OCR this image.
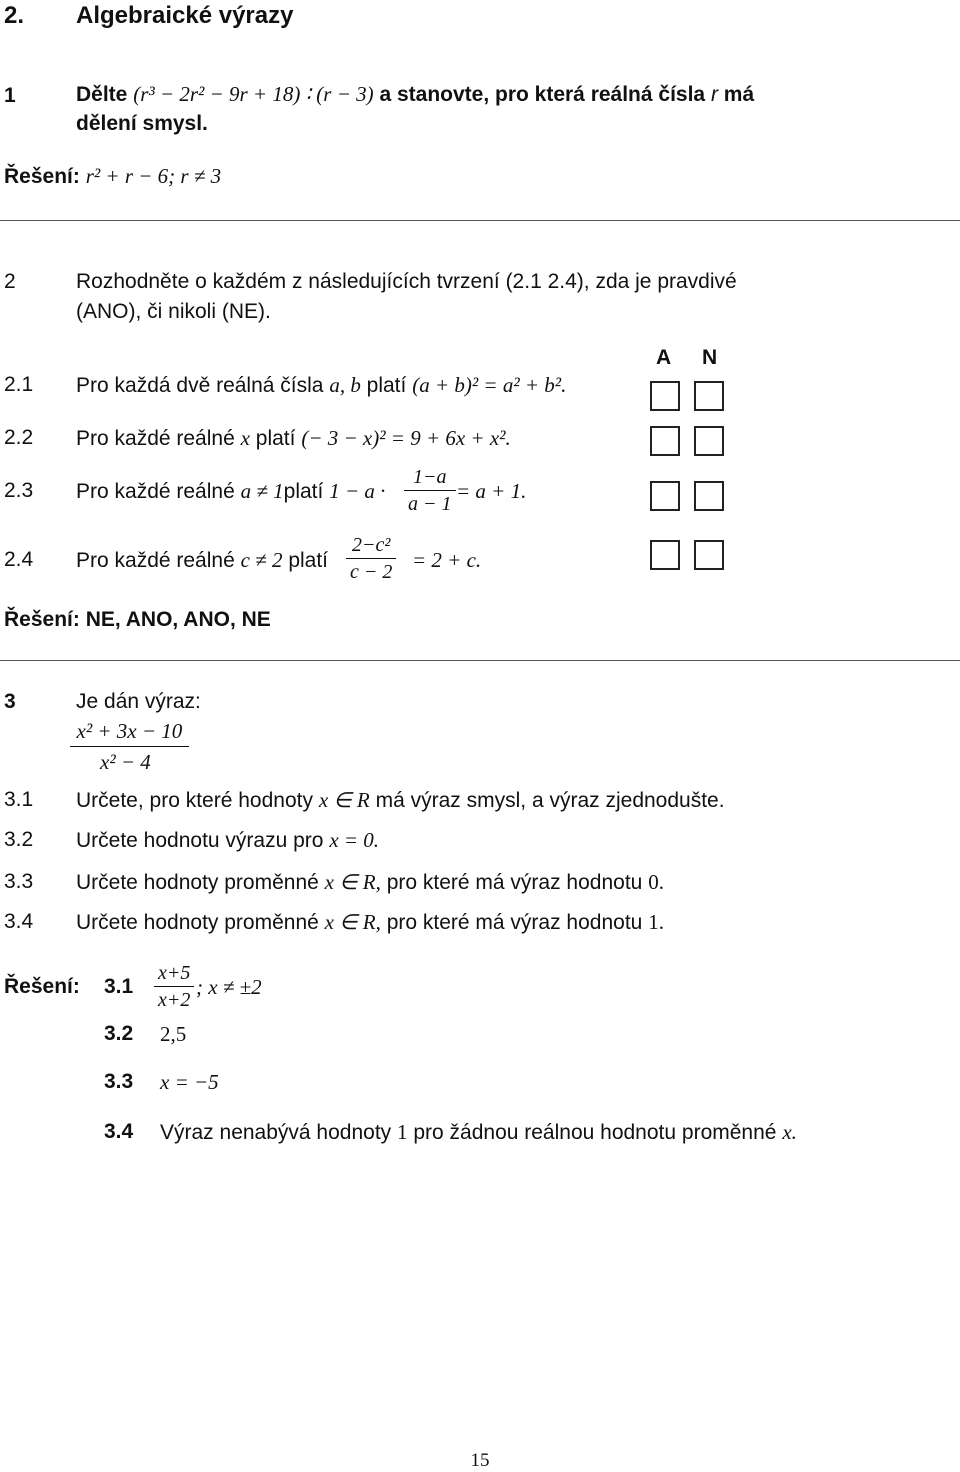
2. Algebraické výrazy
1	Dělte (r³ − 2r² − 9r + 18) ∶ (r − 3) a stanovte, pro která reálná čísla r má
dělení smysl.
Řešení: r² + r − 6; r ≠ 3
2	Rozhodněte o každém z následujících tvrzení (2.1 2.4), zda je pravdivé
(ANO), či nikoli (NE).
A N
2.1 Pro každá dvě reálná čísla a, b platí (a + b)² = a² + b².
2.2 Pro každé reálné x platí (− 3 − x)² = 9 + 6x + x².
2.3 Pro každé reálné a ≠ 1platí $1 - a \cdot \frac{1-a}{a - 1} = a + 1$.
2.4 Pro každé reálné c ≠ 2 platí $\frac{\text{2−c²}}{c - 2} = 2 + c$.
Řešení: NE, ANO, ANO, NE
3	Je dán výraz:
$\frac{\text{x² + 3x − 10}}{\text{x² − 4}}$
3.1 Určete, pro které hodnoty x ∈ R má výraz smysl, a výraz zjednodušte.
3.2 Určete hodnotu výrazu pro x = 0.
3.3 Určete hodnoty proměnné x ∈ R, pro které má výraz hodnotu 0.
3.4 Určete hodnoty proměnné x ∈ R, pro které má výraz hodnotu 1.
Řešení: $3.1 \frac{x+5}{x+2}$ ; x ≠ ±2
3.2 2,5
3.3 x = −5
3.4 Výraz nenabývá hodnoty 1 pro žádnou reálnou hodnotu proměnné x.
15
